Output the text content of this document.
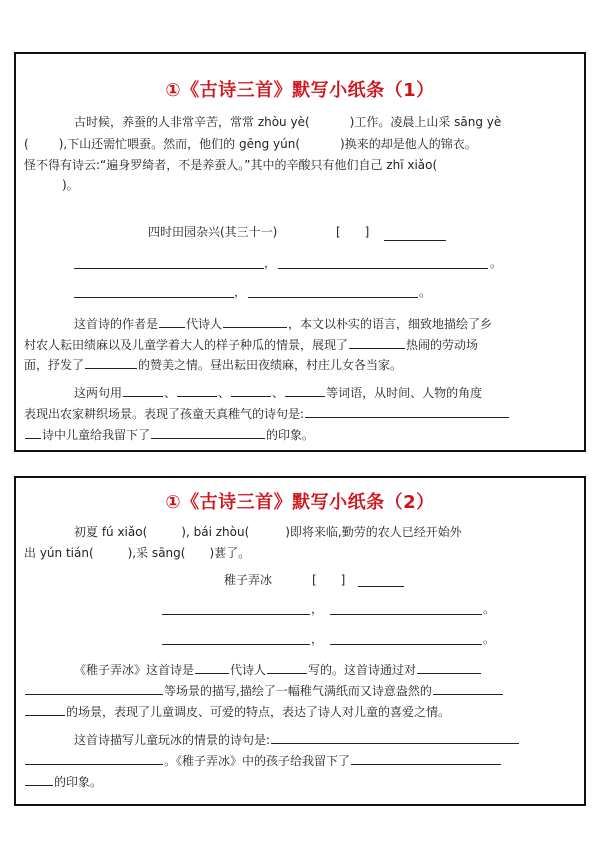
①《古诗三首》默写小纸条（1）
古时候，养蚕的人非常辛苦，常常 zhòu yè(	)工作。凌晨上山采 sāng yè
(	),下山还需忙喂蚕。然而，他们的 gēng yún(	)换来的却是他人的锦衣。
怪不得有诗云:“遍身罗绮者，不是养蚕人。”其中的辛酸只有他们自己 zhī xiǎo(
)。
四时田园杂兴(其三十一)	[　　]
，	。
，	。
这首诗的作者是 代诗人	，本文以朴实的语言，细致地描绘了乡
村农人耘田绩麻以及儿童学着大人的样子种瓜的情景，展现了	热闹的劳动场
面，抒发了	的赞美之情。昼出耘田夜绩麻，村庄儿女各当家。
这两句用	、	、	、	等词语，从时间、人物的角度
表现出农家耕织场景。表现了孩童天真稚气的诗句是:
诗中儿童给我留下了	的印象。
①《古诗三首》默写小纸条（2）
初夏 fú xiǎo(	), bái zhòu(	)即将来临,勤劳的农人已经开始外
出 yún tián(	),采 sāng( )葚了。
稚子弄冰	[　　]
，	。
，	。
《稚子弄冰》这首诗是	代诗人	写的。这首诗通过对
等场景的描写,描绘了一幅稚气满纸而又诗意盎然的
的场景，表现了儿童调皮、可爱的特点，表达了诗人对儿童的喜爱之情。
这首诗描写儿童玩冰的情景的诗句是:
。《稚子弄冰》中的孩子给我留下了
的印象。
